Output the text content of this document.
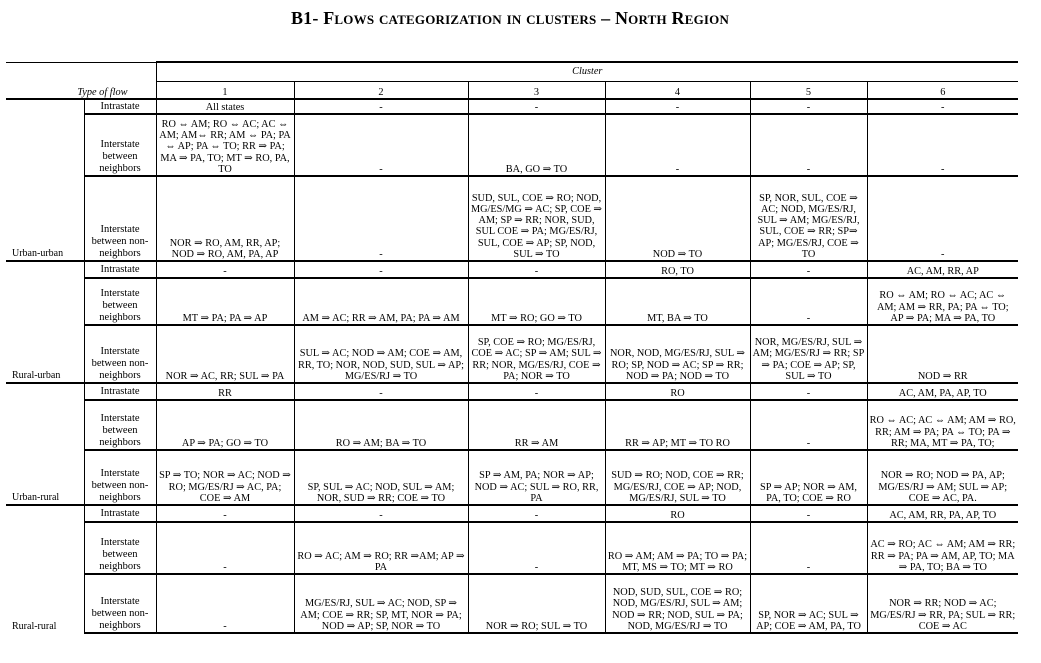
B1- Flows categorization in clusters – North Region
		Cluster					
Type of flow		1	2	3	4	5	6
Urban-urban	Intrastate	All states	-	-	-	-	-
	Interstate between neighbors	RO ⇔ AM; RO ⇔ AC; AC ⇔ AM; AM⇔ RR; AM ⇔ PA; PA ⇔ AP; PA ⇔ TO; RR ⇒ PA; MA ⇒ PA, TO; MT ⇒ RO, PA, TO	-	BA, GO ⇒ TO	-	-	-
	Interstate between non-neighbors	NOR ⇒ RO, AM, RR, AP; NOD ⇒ RO, AM, PA, AP	-	SUD, SUL, COE ⇒ RO; NOD, MG/ES/MG ⇒ AC; SP, COE ⇒ AM; SP ⇒ RR; NOR, SUD, SUL COE ⇒ PA; MG/ES/RJ, SUL, COE ⇒ AP; SP, NOD, SUL ⇒ TO	NOD ⇒ TO	SP, NOR, SUL, COE ⇒ AC; NOD, MG/ES/RJ, SUL ⇒ AM; MG/ES/RJ, SUL, COE ⇒ RR; SP⇒ AP; MG/ES/RJ, COE ⇒ TO	-
Rural-urban	Intrastate	-	-	-	RO, TO	-	AC, AM, RR, AP
	Interstate between neighbors	MT ⇒ PA; PA ⇒ AP	AM ⇒ AC; RR ⇒ AM, PA; PA ⇒ AM	MT ⇒ RO; GO ⇒ TO	MT, BA ⇒ TO	-	RO ⇔ AM; RO ⇔ AC; AC ⇔ AM; AM ⇒ RR, PA; PA ⇔ TO; AP ⇒ PA; MA ⇒ PA, TO
	Interstate between non-neighbors	NOR ⇒ AC, RR; SUL ⇒ PA	SUL ⇒ AC; NOD ⇒ AM; COE ⇒ AM, RR, TO; NOR, NOD, SUD, SUL ⇒ AP; MG/ES/RJ ⇒ TO	SP, COE ⇒ RO; MG/ES/RJ, COE ⇒ AC; SP ⇒ AM; SUL ⇒ RR; NOR, MG/ES/RJ, COE ⇒ PA; NOR ⇒ TO	NOR, NOD, MG/ES/RJ, SUL ⇒ RO; SP, NOD ⇒ AC; SP ⇒ RR; NOD ⇒ PA; NOD ⇒ TO	NOR, MG/ES/RJ, SUL ⇒ AM; MG/ES/RJ ⇒ RR; SP ⇒ PA; COE ⇒ AP; SP, SUL ⇒ TO	NOD ⇒ RR
Urban-rural	Intrastate	RR	-	-	RO	-	AC, AM, PA, AP, TO
	Interstate between neighbors	AP ⇒ PA; GO ⇒ TO	RO ⇒ AM; BA ⇒ TO	RR ⇒ AM	RR ⇒ AP; MT ⇒ TO RO	-	RO ⇔ AC; AC ⇔ AM; AM ⇒ RO, RR; AM ⇒ PA; PA ⇔ TO; PA ⇒ RR; MA, MT ⇒ PA, TO;
	Interstate between non-neighbors	SP ⇒ TO; NOR ⇒ AC; NOD ⇒ RO; MG/ES/RJ ⇒ AC, PA; COE ⇒ AM	SP, SUL ⇒ AC; NOD, SUL ⇒ AM; NOR, SUD ⇒ RR; COE ⇒ TO	SP ⇒ AM, PA; NOR ⇒ AP; NOD ⇒ AC; SUL ⇒ RO, RR, PA	SUD ⇒ RO; NOD, COE ⇒ RR; MG/ES/RJ, COE ⇒ AP; NOD, MG/ES/RJ, SUL ⇒ TO	SP ⇒ AP; NOR ⇒ AM, PA, TO; COE ⇒ RO	NOR ⇒ RO; NOD ⇒ PA, AP; MG/ES/RJ ⇒ AM; SUL ⇒ AP; COE ⇒ AC, PA.
Rural-rural	Intrastate	-	-	-	RO	-	AC, AM, RR, PA, AP, TO
	Interstate between neighbors	-	RO ⇒ AC; AM ⇒ RO; RR ⇒AM; AP ⇒ PA	-	RO ⇒ AM; AM ⇒ PA; TO ⇒ PA; MT, MS ⇒ TO; MT ⇒ RO	-	AC ⇒ RO; AC ⇔ AM; AM ⇒ RR; RR ⇒ PA; PA ⇒ AM, AP, TO; MA ⇒ PA, TO; BA ⇒ TO
	Interstate between non-neighbors	-	MG/ES/RJ, SUL ⇒ AC; NOD, SP ⇒ AM; COE ⇒ RR; SP, MT, NOR ⇒ PA; NOD ⇒ AP; SP, NOR ⇒ TO	NOR ⇒ RO; SUL ⇒ TO	NOD, SUD, SUL, COE ⇒ RO; NOD, MG/ES/RJ, SUL ⇒ AM; NOD ⇒ RR; NOD, SUL ⇒ PA; NOD, MG/ES/RJ ⇒ TO	SP, NOR ⇒ AC; SUL ⇒ AP; COE ⇒ AM, PA, TO	NOR ⇒ RR; NOD ⇒ AC; MG/ES/RJ ⇒ RR, PA; SUL ⇒ RR; COE ⇒ AC
